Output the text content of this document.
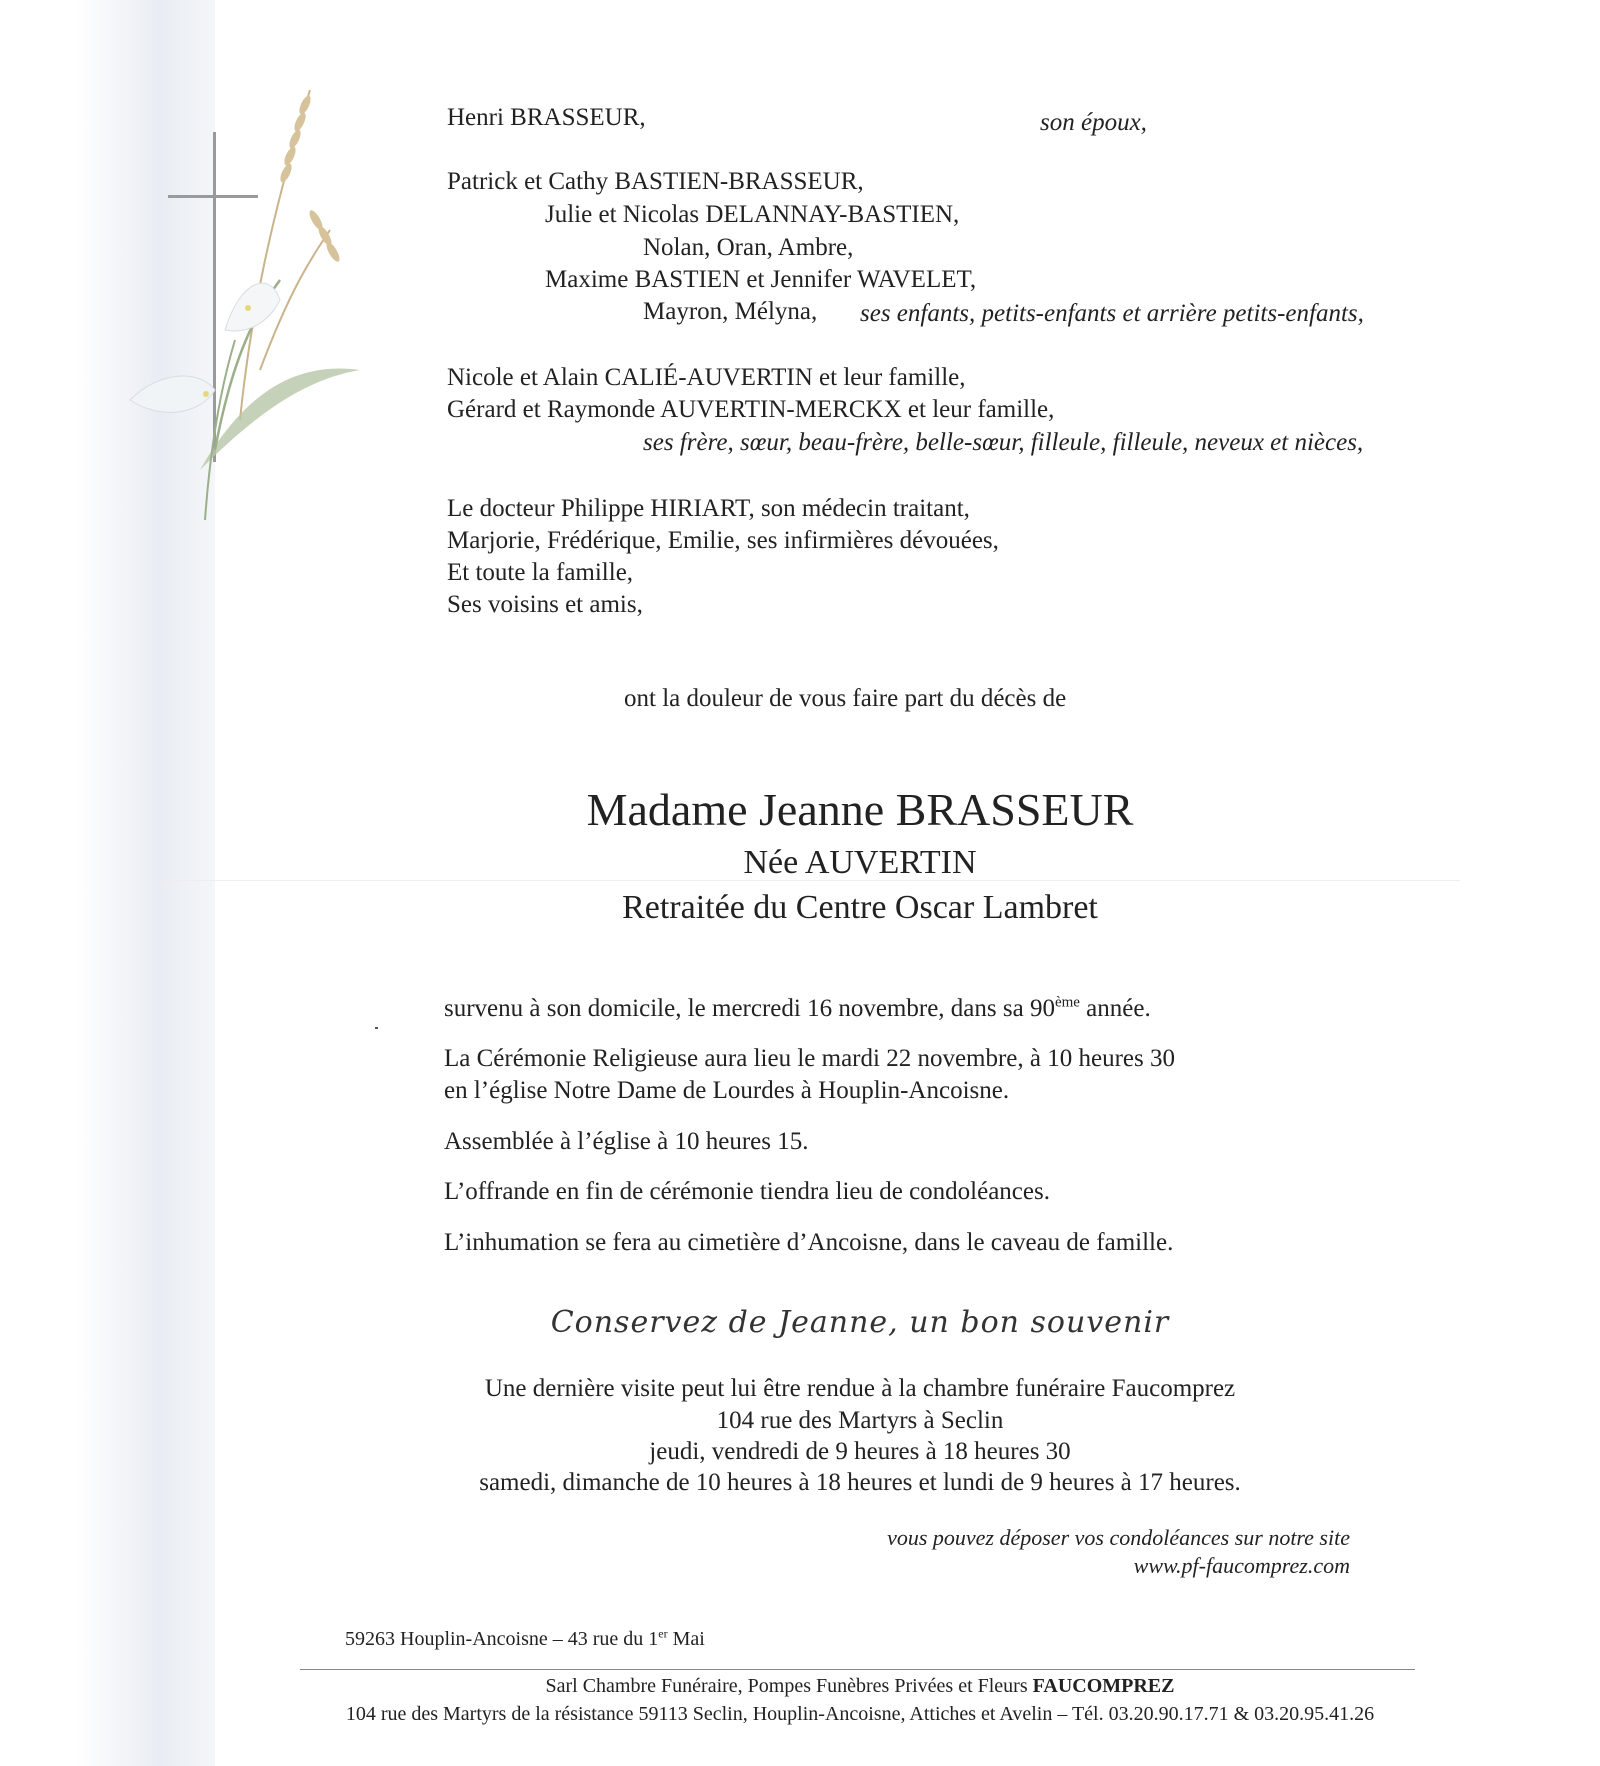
Henri BRASSEUR,	son époux,
Patrick et Cathy BASTIEN-BRASSEUR,
Julie et Nicolas DELANNAY-BASTIEN,
Nolan, Oran, Ambre,
Maxime BASTIEN et Jennifer WAVELET,
Mayron, Mélyna, ses enfants, petits-enfants et arrière petits-enfants,
Nicole et Alain CALIÉ-AUVERTIN et leur famille,
Gérard et Raymonde AUVERTIN-MERCKX et leur famille,
ses frère, sœur, beau-frère, belle-sœur, filleule, filleule, neveux et nièces,
Le docteur Philippe HIRIART, son médecin traitant,
Marjorie, Frédérique, Emilie, ses infirmières dévouées,
Et toute la famille,
Ses voisins et amis,
ont la douleur de vous faire part du décès de
Madame Jeanne BRASSEUR
Née AUVERTIN
Retraitée du Centre Oscar Lambret
survenu à son domicile, le mercredi 16 novembre, dans sa 90ème année.
La Cérémonie Religieuse aura lieu le mardi 22 novembre, à 10 heures 30
en l’église Notre Dame de Lourdes à Houplin-Ancoisne.
Assemblée à l’église à 10 heures 15.
L’offrande en fin de cérémonie tiendra lieu de condoléances.
L’inhumation se fera au cimetière d’Ancoisne, dans le caveau de famille.
Conservez de Jeanne, un bon souvenir
Une dernière visite peut lui être rendue à la chambre funéraire Faucomprez
104 rue des Martyrs à Seclin
jeudi, vendredi de 9 heures à 18 heures 30
samedi, dimanche de 10 heures à 18 heures et lundi de 9 heures à 17 heures.
vous pouvez déposer vos condoléances sur notre site
www.pf-faucomprez.com
59263 Houplin-Ancoisne – 43 rue du 1er Mai
Sarl Chambre Funéraire, Pompes Funèbres Privées et Fleurs FAUCOMPREZ
104 rue des Martyrs de la résistance 59113 Seclin, Houplin-Ancoisne, Attiches et Avelin – Tél. 03.20.90.17.71 & 03.20.95.41.26
